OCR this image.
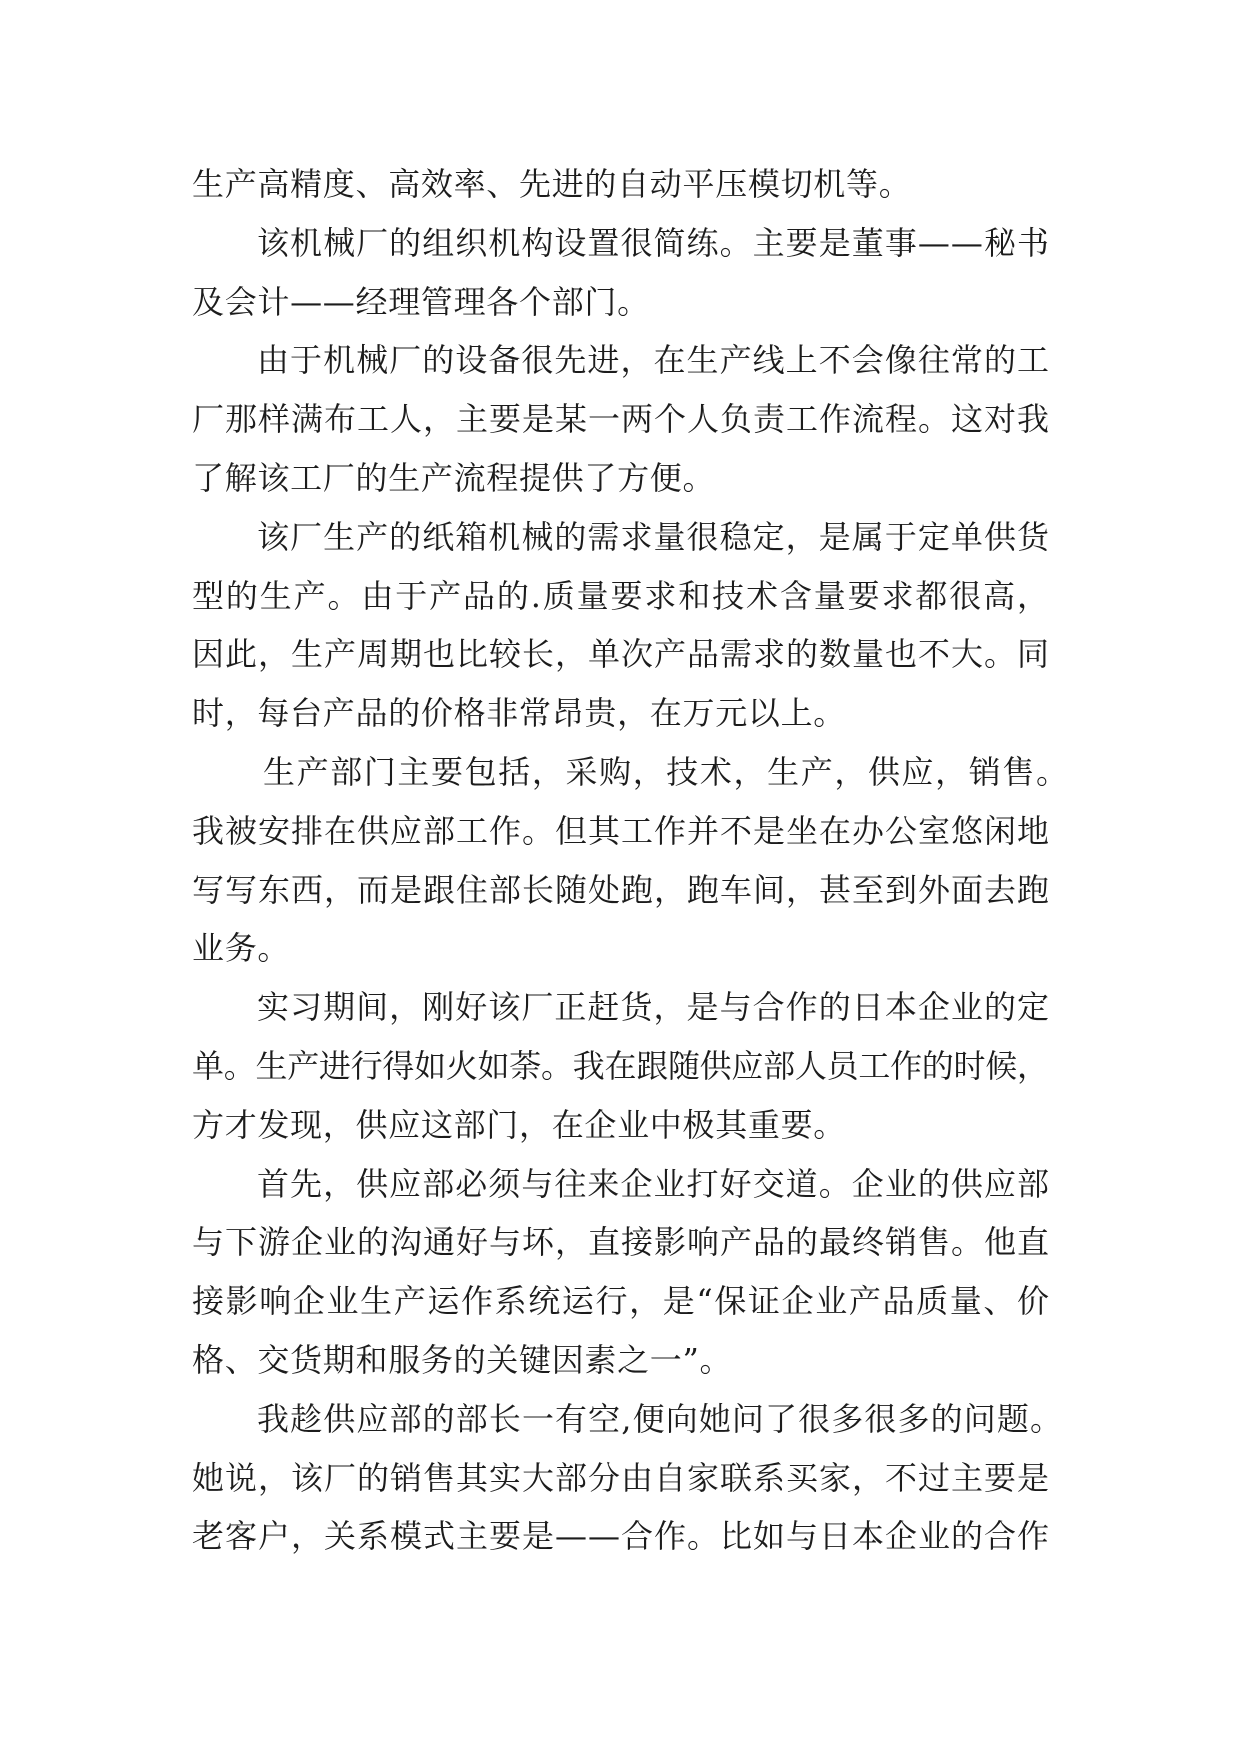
生产高精度、高效率、先进的自动平压模切机等。
该机械厂的组织机构设置很简练。主要是董事——秘书
及会计——经理管理各个部门。
由于机械厂的设备很先进，在生产线上不会像往常的工
厂那样满布工人，主要是某一两个人负责工作流程。这对我
了解该工厂的生产流程提供了方便。
该厂生产的纸箱机械的需求量很稳定，是属于定单供货
型的生产。由于产品的.质量要求和技术含量要求都很高，
因此，生产周期也比较长，单次产品需求的数量也不大。同
时，每台产品的价格非常昂贵，在万元以上。
生产部门主要包括，采购，技术，生产，供应，销售。
我被安排在供应部工作。但其工作并不是坐在办公室悠闲地
写写东西，而是跟住部长随处跑，跑车间，甚至到外面去跑
业务。
实习期间，刚好该厂正赶货，是与合作的日本企业的定
单。生产进行得如火如荼。我在跟随供应部人员工作的时候，
方才发现，供应这部门，在企业中极其重要。
首先，供应部必须与往来企业打好交道。企业的供应部
与下游企业的沟通好与坏，直接影响产品的最终销售。他直
接影响企业生产运作系统运行，是“保证企业产品质量、价
格、交货期和服务的关键因素之一”。
我趁供应部的部长一有空,便向她问了很多很多的问题。
她说，该厂的销售其实大部分由自家联系买家，不过主要是
老客户，关系模式主要是——合作。比如与日本企业的合作
